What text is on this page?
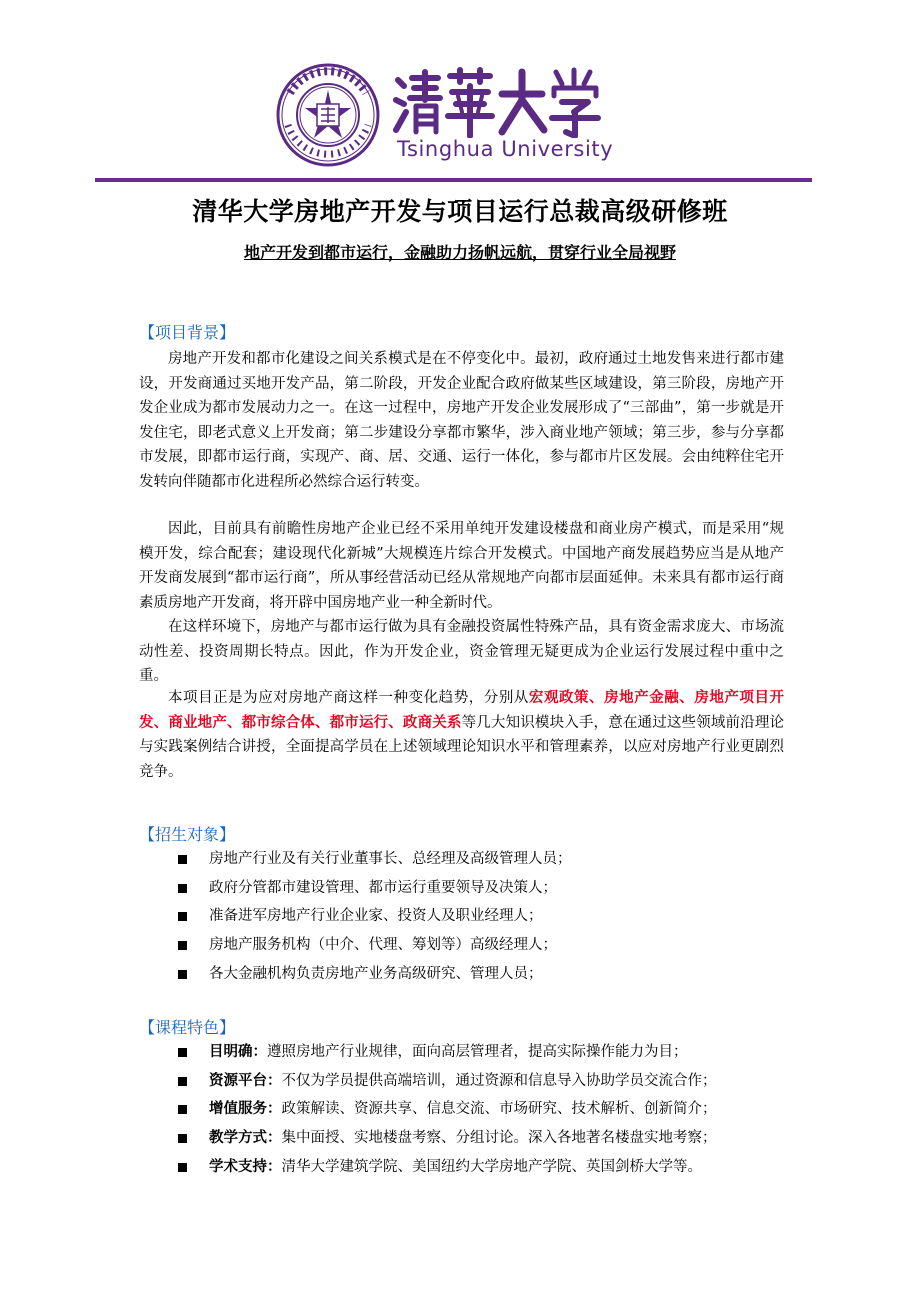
Tsinghua University
清华大学房地产开发与项目运行总裁高级研修班
地产开发到都市运行，金融助力扬帆远航，贯穿行业全局视野
【项目背景】

房地产开发和都市化建设之间关系模式是在不停变化中。最初，政府通过土地发售来进行都市建设，开发商通过买地开发产品，第二阶段，开发企业配合政府做某些区域建设，第三阶段，房地产开发企业成为都市发展动力之一。在这一过程中，房地产开发企业发展形成了“三部曲”，第一步就是开发住宅，即老式意义上开发商；第二步建设分享都市繁华，涉入商业地产领域；第三步，参与分享都市发展，即都市运行商，实现产、商、居、交通、运行一体化，参与都市片区发展。会由纯粹住宅开发转向伴随都市化进程所必然综合运行转变。

因此，目前具有前瞻性房地产企业已经不采用单纯开发建设楼盘和商业房产模式，而是采用“规模开发，综合配套；建设现代化新城”大规模连片综合开发模式。中国地产商发展趋势应当是从地产开发商发展到“都市运行商”，所从事经营活动已经从常规地产向都市层面延伸。未来具有都市运行商素质房地产开发商，将开辟中国房地产业一种全新时代。

在这样环境下，房地产与都市运行做为具有金融投资属性特殊产品，具有资金需求庞大、市场流动性差、投资周期长特点。因此，作为开发企业，资金管理无疑更成为企业运行发展过程中重中之重。

本项目正是为应对房地产商这样一种变化趋势，分别从宏观政策、房地产金融、房地产项目开发、商业地产、都市综合体、都市运行、政商关系等几大知识模块入手，意在通过这些领域前沿理论与实践案例结合讲授，全面提高学员在上述领域理论知识水平和管理素养，以应对房地产行业更剧烈竞争。

【招生对象】
房地产行业及有关行业董事长、总经理及高级管理人员；
政府分管都市建设管理、都市运行重要领导及决策人；
准备进军房地产行业企业家、投资人及职业经理人；
房地产服务机构（中介、代理、筹划等）高级经理人；
各大金融机构负责房地产业务高级研究、管理人员；
【课程特色】
目明确：遵照房地产行业规律，面向高层管理者，提高实际操作能力为目；
资源平台：不仅为学员提供高端培训，通过资源和信息导入协助学员交流合作；
增值服务：政策解读、资源共享、信息交流、市场研究、技术解析、创新简介；
教学方式：集中面授、实地楼盘考察、分组讨论。深入各地著名楼盘实地考察；
学术支持：清华大学建筑学院、美国纽约大学房地产学院、英国剑桥大学等。
